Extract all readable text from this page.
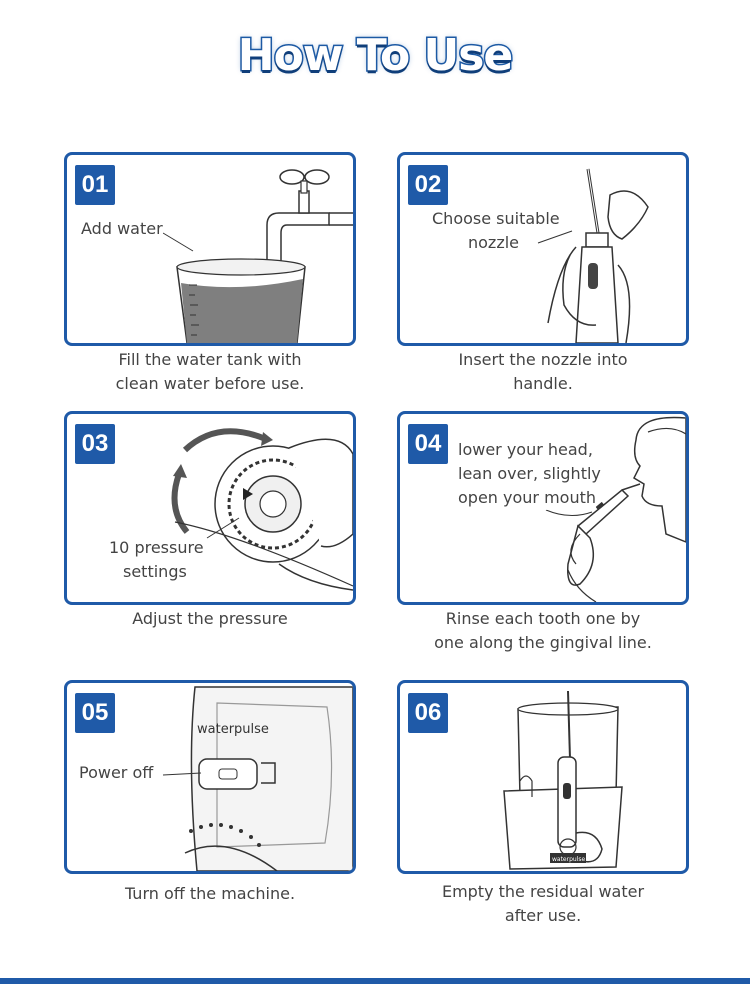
How To Use
01
Add water
Fill the water tank with
clean water before use.
02
Choose suitable
nozzle
Insert the nozzle into
handle.
03
10 pressure
settings
Adjust the pressure
04	lower your head,
lean over, slightly
open your mouth
Rinse each tooth one by
one along the gingival line.
waterpulse
05
Power off
Turn off the machine.
waterpulse
06
Empty the residual water
after use.
